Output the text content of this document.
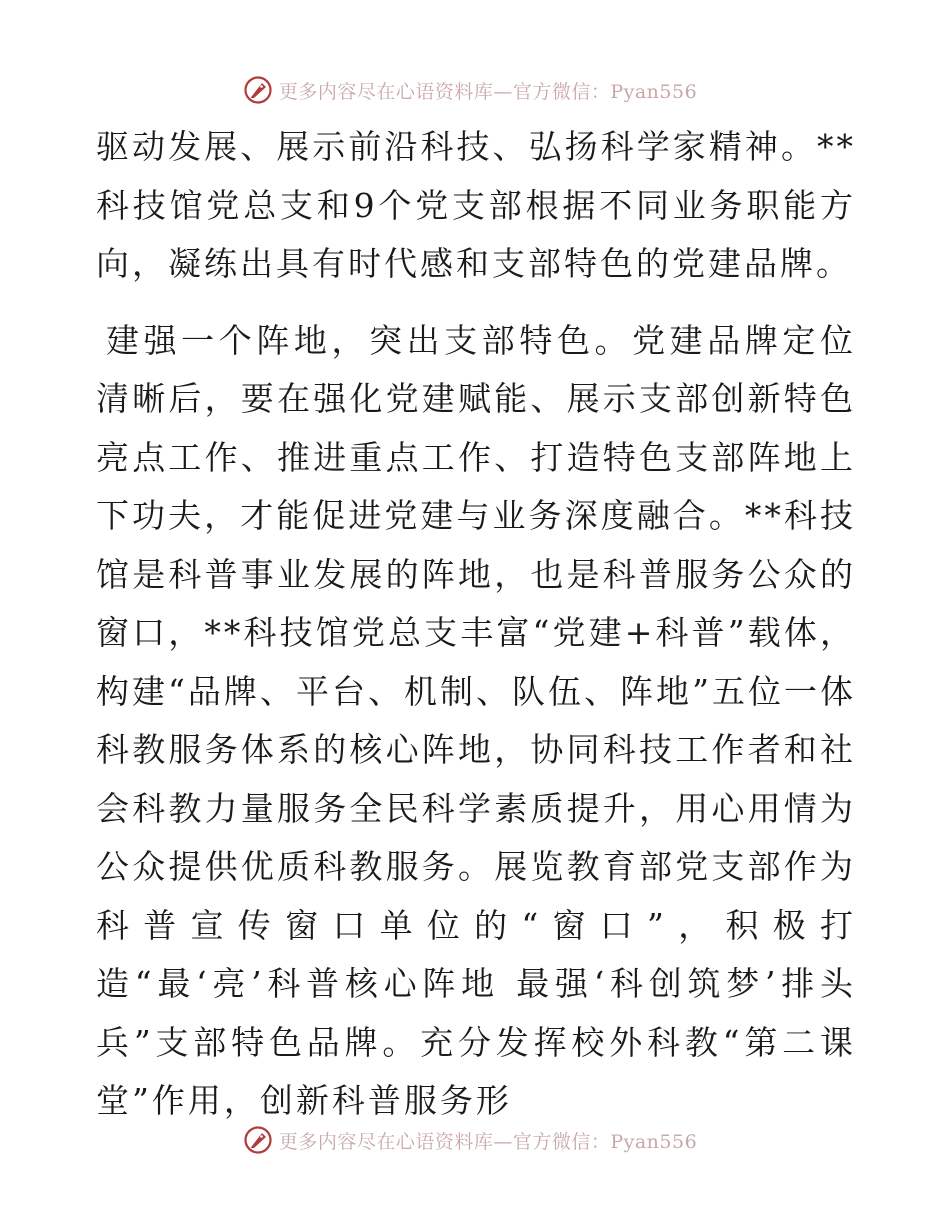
更多内容尽在心语资料库—官方微信：Pyan556

驱动发展、展示前沿科技、弘扬科学家精神。**科技馆党总支和9个党支部根据不同业务职能方向，凝练出具有时代感和支部特色的党建品牌。

建强一个阵地，突出支部特色。党建品牌定位清晰后，要在强化党建赋能、展示支部创新特色亮点工作、推进重点工作、打造特色支部阵地上下功夫，才能促进党建与业务深度融合。**科技馆是科普事业发展的阵地，也是科普服务公众的窗口，**科技馆党总支丰富“党建+科普”载体，构建“品牌、平台、机制、队伍、阵地”五位一体科教服务体系的核心阵地，协同科技工作者和社会科教力量服务全民科学素质提升，用心用情为公众提供优质科教服务。展览教育部党支部作为科普宣传窗口单位的“窗口”，积极打造“最‘亮’科普核心阵地 最强‘科创筑梦’排头兵”支部特色品牌。充分发挥校外科教“第二课堂”作用，创新科普服务形

更多内容尽在心语资料库—官方微信：Pyan556
